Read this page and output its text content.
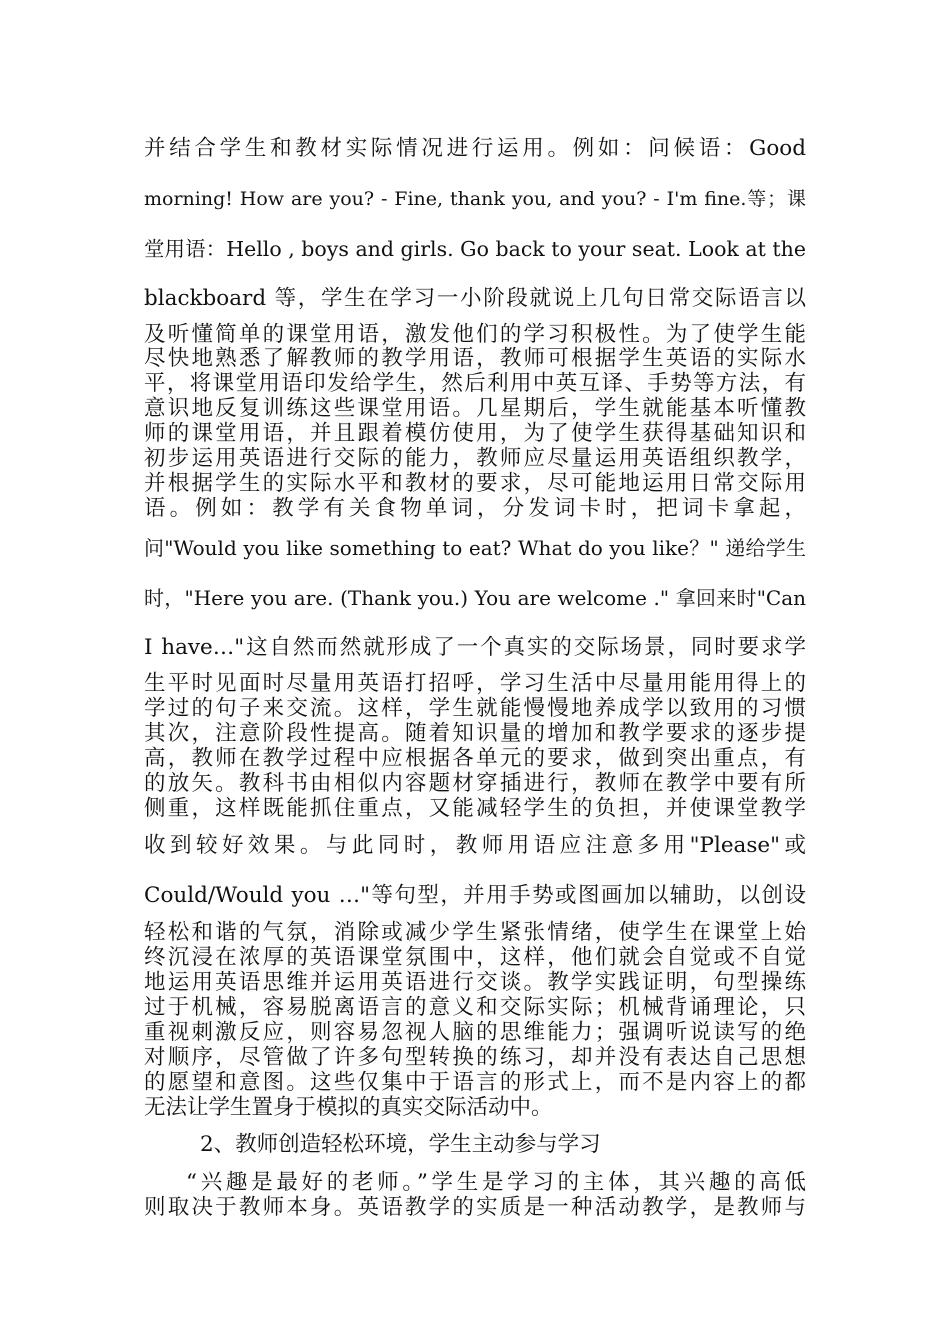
并结合学生和教材实际情况进行运用。例如：问候语：Good
morning! How are you? - Fine, thank you, and you? - I'm fine.等；课
堂用语：Hello , boys and girls. Go back to your seat. Look at the
blackboard 等，学生在学习一小阶段就说上几句日常交际语言以
及听懂简单的课堂用语，激发他们的学习积极性。为了使学生能
尽快地熟悉了解教师的教学用语，教师可根据学生英语的实际水
平，将课堂用语印发给学生，然后利用中英互译、手势等方法，有
意识地反复训练这些课堂用语。几星期后，学生就能基本听懂教
师的课堂用语，并且跟着模仿使用，为了使学生获得基础知识和
初步运用英语进行交际的能力，教师应尽量运用英语组织教学，
并根据学生的实际水平和教材的要求，尽可能地运用日常交际用
语。例如：教学有关食物单词，分发词卡时，把词卡拿起，
问"Would you like something to eat? What do you like？" 递给学生
时，"Here you are. (Thank you.) You are welcome ." 拿回来时"Can
I have…"这自然而然就形成了一个真实的交际场景，同时要求学
生平时见面时尽量用英语打招呼，学习生活中尽量用能用得上的
学过的句子来交流。这样，学生就能慢慢地养成学以致用的习惯
其次，注意阶段性提高。随着知识量的增加和教学要求的逐步提
高，教师在教学过程中应根据各单元的要求，做到突出重点，有
的放矢。教科书由相似内容题材穿插进行，教师在教学中要有所
侧重，这样既能抓住重点，又能减轻学生的负担，并使课堂教学
收到较好效果。与此同时，教师用语应注意多用"Please"或
Could/Would you …"等句型，并用手势或图画加以辅助，以创设
轻松和谐的气氛，消除或减少学生紧张情绪，使学生在课堂上始
终沉浸在浓厚的英语课堂氛围中，这样，他们就会自觉或不自觉
地运用英语思维并运用英语进行交谈。教学实践证明，句型操练
过于机械，容易脱离语言的意义和交际实际；机械背诵理论，只
重视刺激反应，则容易忽视人脑的思维能力；强调听说读写的绝
对顺序，尽管做了许多句型转换的练习，却并没有表达自己思想
的愿望和意图。这些仅集中于语言的形式上，而不是内容上的都
无法让学生置身于模拟的真实交际活动中。
2、教师创造轻松环境，学生主动参与学习
“兴趣是最好的老师。”学生是学习的主体，其兴趣的高低
则取决于教师本身。英语教学的实质是一种活动教学，是教师与
